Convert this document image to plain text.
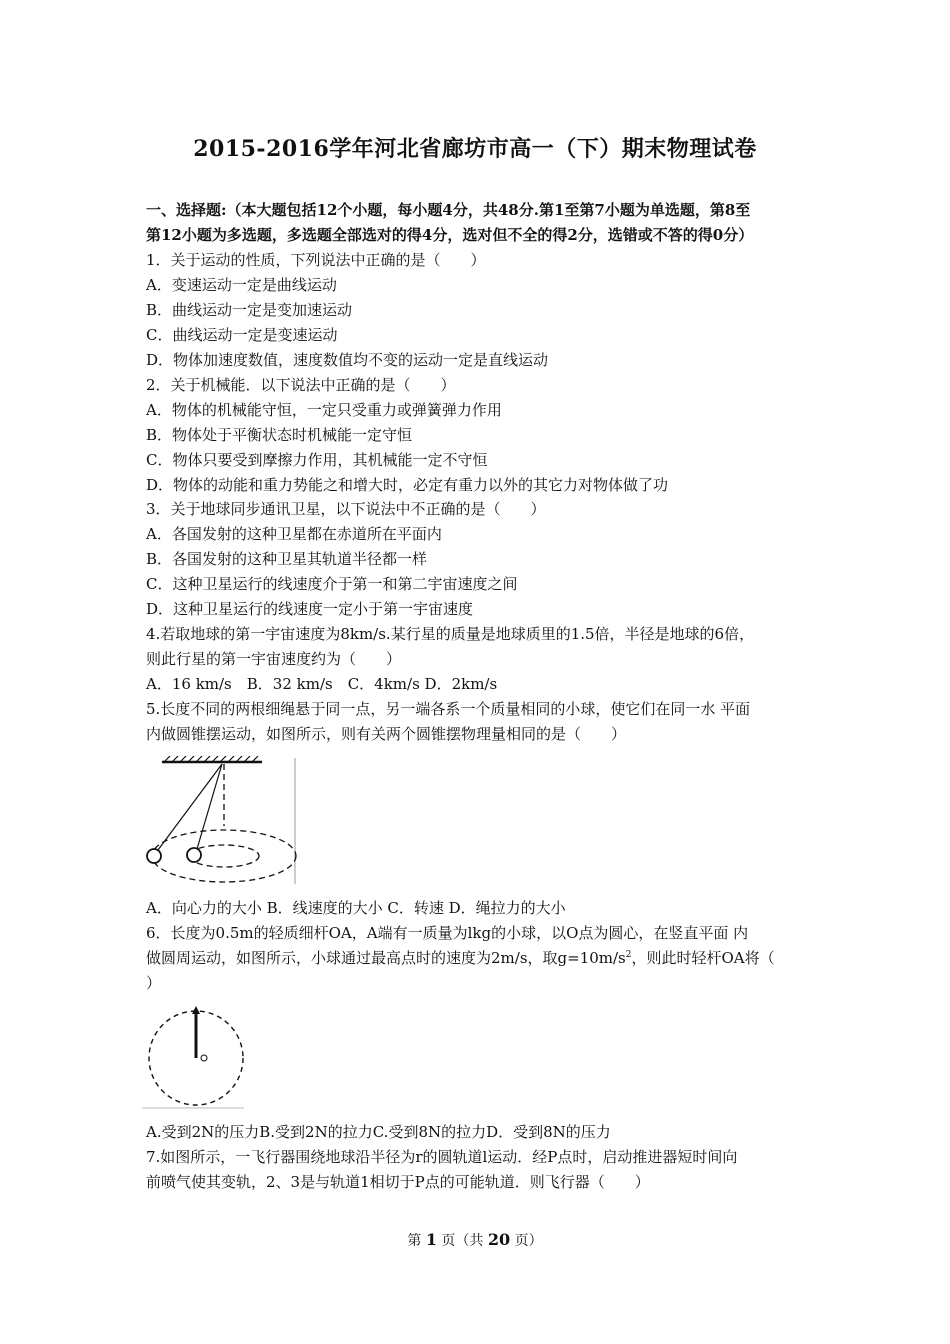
2015-2016学年河北省廊坊市高一（下）期末物理试卷
一、选择题:（本大题包括12个小题，每小题4分，共48分.第1至第7小题为单选题，第8至
第12小题为多选题，多选题全部选对的得4分，选对但不全的得2分，选错或不答的得0分）
1．关于运动的性质，下列说法中正确的是（　　）
A．变速运动一定是曲线运动
B．曲线运动一定是变加速运动
C．曲线运动一定是变速运动
D．物体加速度数值，速度数值均不变的运动一定是直线运动
2．关于机械能．以下说法中正确的是（　　）
A．物体的机械能守恒，一定只受重力或弹簧弹力作用
B．物体处于平衡状态时机械能一定守恒
C．物体只要受到摩擦力作用，其机械能一定不守恒
D．物体的动能和重力势能之和增大时，必定有重力以外的其它力对物体做了功
3．关于地球同步通讯卫星，以下说法中不正确的是（　　）
A．各国发射的这种卫星都在赤道所在平面内
B．各国发射的这种卫星其轨道半径都一样
C．这种卫星运行的线速度介于第一和第二宇宙速度之间
D．这种卫星运行的线速度一定小于第一宇宙速度
4.若取地球的第一宇宙速度为8km/s.某行星的质量是地球质里的1.5倍，半径是地球的6倍，
则此行星的第一宇宙速度约为（　　）
A．16 km/s　B．32 km/s　C．4km/s D．2km/s
5.长度不同的两根细绳悬于同一点，另一端各系一个质量相同的小球，使它们在同一水 平面
内做圆锥摆运动，如图所示，则有关两个圆锥摆物理量相同的是（　　）
A．向心力的大小 B．线速度的大小 C．转速 D．绳拉力的大小
6．长度为0.5m的轻质细杆OA，A端有一质量为lkg的小球，以O点为圆心，在竖直平面 内
做圆周运动，如图所示，小球通过最高点时的速度为2m/s，取$g=10m/s^2$，则此时轻杆OA将（
）
A.受到2N的压力B.受到2N的拉力C.受到8N的拉力D．受到8N的压力
7.如图所示，一飞行器围绕地球沿半径为r的圆轨道l运动．经P点时，启动推进器短时间向
前喷气使其变轨，2、3是与轨道1相切于P点的可能轨道．则飞行器（　　）
第 1 页（共 20 页）
